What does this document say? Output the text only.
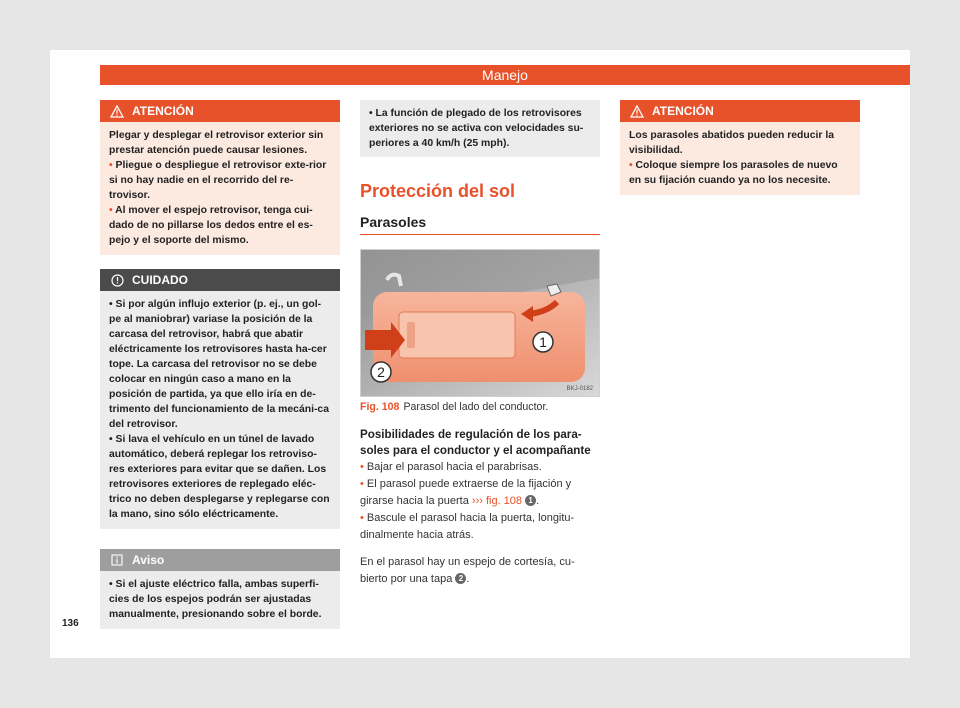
Manejo
ATENCIÓN
Plegar y desplegar el retrovisor exterior sin prestar atención puede causar lesiones.
• Pliegue o despliegue el retrovisor exte-rior si no hay nadie en el recorrido del re-trovisor.
• Al mover el espejo retrovisor, tenga cui-dado de no pillarse los dedos entre el es-pejo y el soporte del mismo.
CUIDADO
• Si por algún influjo exterior (p. ej., un gol-pe al maniobrar) variase la posición de la carcasa del retrovisor, habrá que abatir eléctricamente los retrovisores hasta ha-cer tope. La carcasa del retrovisor no se debe colocar en ningún caso a mano en la posición de partida, ya que ello iría en de-trimento del funcionamiento de la mecáni-ca del retrovisor.
• Si lava el vehículo en un túnel de lavado automático, deberá replegar los retroviso-res exteriores para evitar que se dañen. Los retrovisores exteriores de replegado eléc-trico no deben desplegarse y replegarse con la mano, sino sólo eléctricamente.
Aviso
• Si el ajuste eléctrico falla, ambas superfi-cies de los espejos podrán ser ajustadas manualmente, presionando sobre el borde.
136
• La función de plegado de los retrovisores exteriores no se activa con velocidades su-periores a 40 km/h (25 mph).
Protección del sol
Parasoles
1
2
BKJ-0182
Fig. 108 Parasol del lado del conductor.
Posibilidades de regulación de los para-soles para el conductor y el acompañante
• Bajar el parasol hacia el parabrisas.
• El parasol puede extraerse de la fijación y girarse hacia la puerta ››› fig. 108 1 .
• Bascule el parasol hacia la puerta, longitu-dinalmente hacia atrás.
En el parasol hay un espejo de cortesía, cu-bierto por una tapa 2 .
ATENCIÓN
Los parasoles abatidos pueden reducir la visibilidad.
• Coloque siempre los parasoles de nuevo en su fijación cuando ya no los necesite.
